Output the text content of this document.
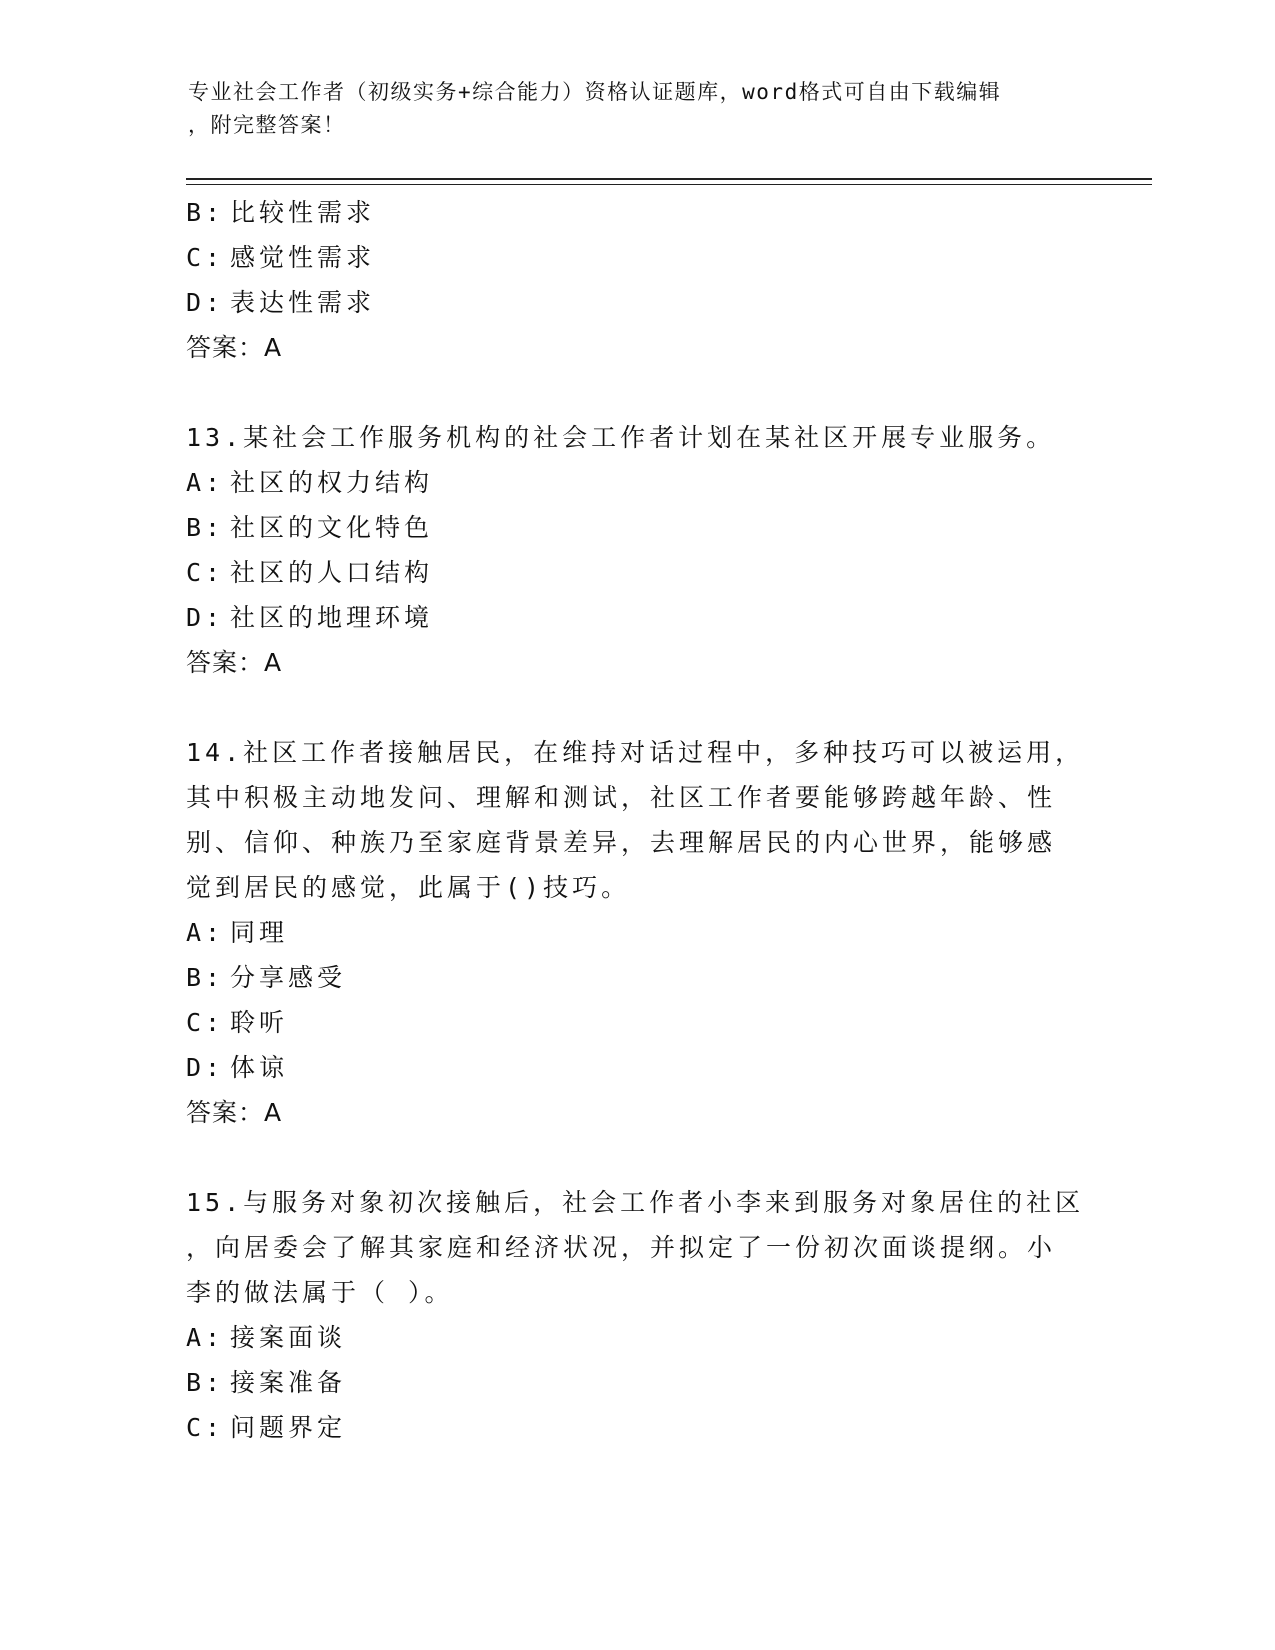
专业社会工作者（初级实务+综合能力）资格认证题库，word格式可自由下载编辑
，附完整答案！
B: 比较性需求
C: 感觉性需求
D: 表达性需求
答案：A
13.某社会工作服务机构的社会工作者计划在某社区开展专业服务。
A: 社区的权力结构
B: 社区的文化特色
C: 社区的人口结构
D: 社区的地理环境
答案：A
14.社区工作者接触居民，在维持对话过程中，多种技巧可以被运用，
其中积极主动地发问、理解和测试，社区工作者要能够跨越年龄、性
别、信仰、种族乃至家庭背景差异，去理解居民的内心世界，能够感
觉到居民的感觉，此属于()技巧。
A: 同理
B: 分享感受
C: 聆听
D: 体谅
答案：A
15.与服务对象初次接触后，社会工作者小李来到服务对象居住的社区
，向居委会了解其家庭和经济状况，并拟定了一份初次面谈提纲。小
李的做法属于（ ）。
A: 接案面谈
B: 接案准备
C: 问题界定
